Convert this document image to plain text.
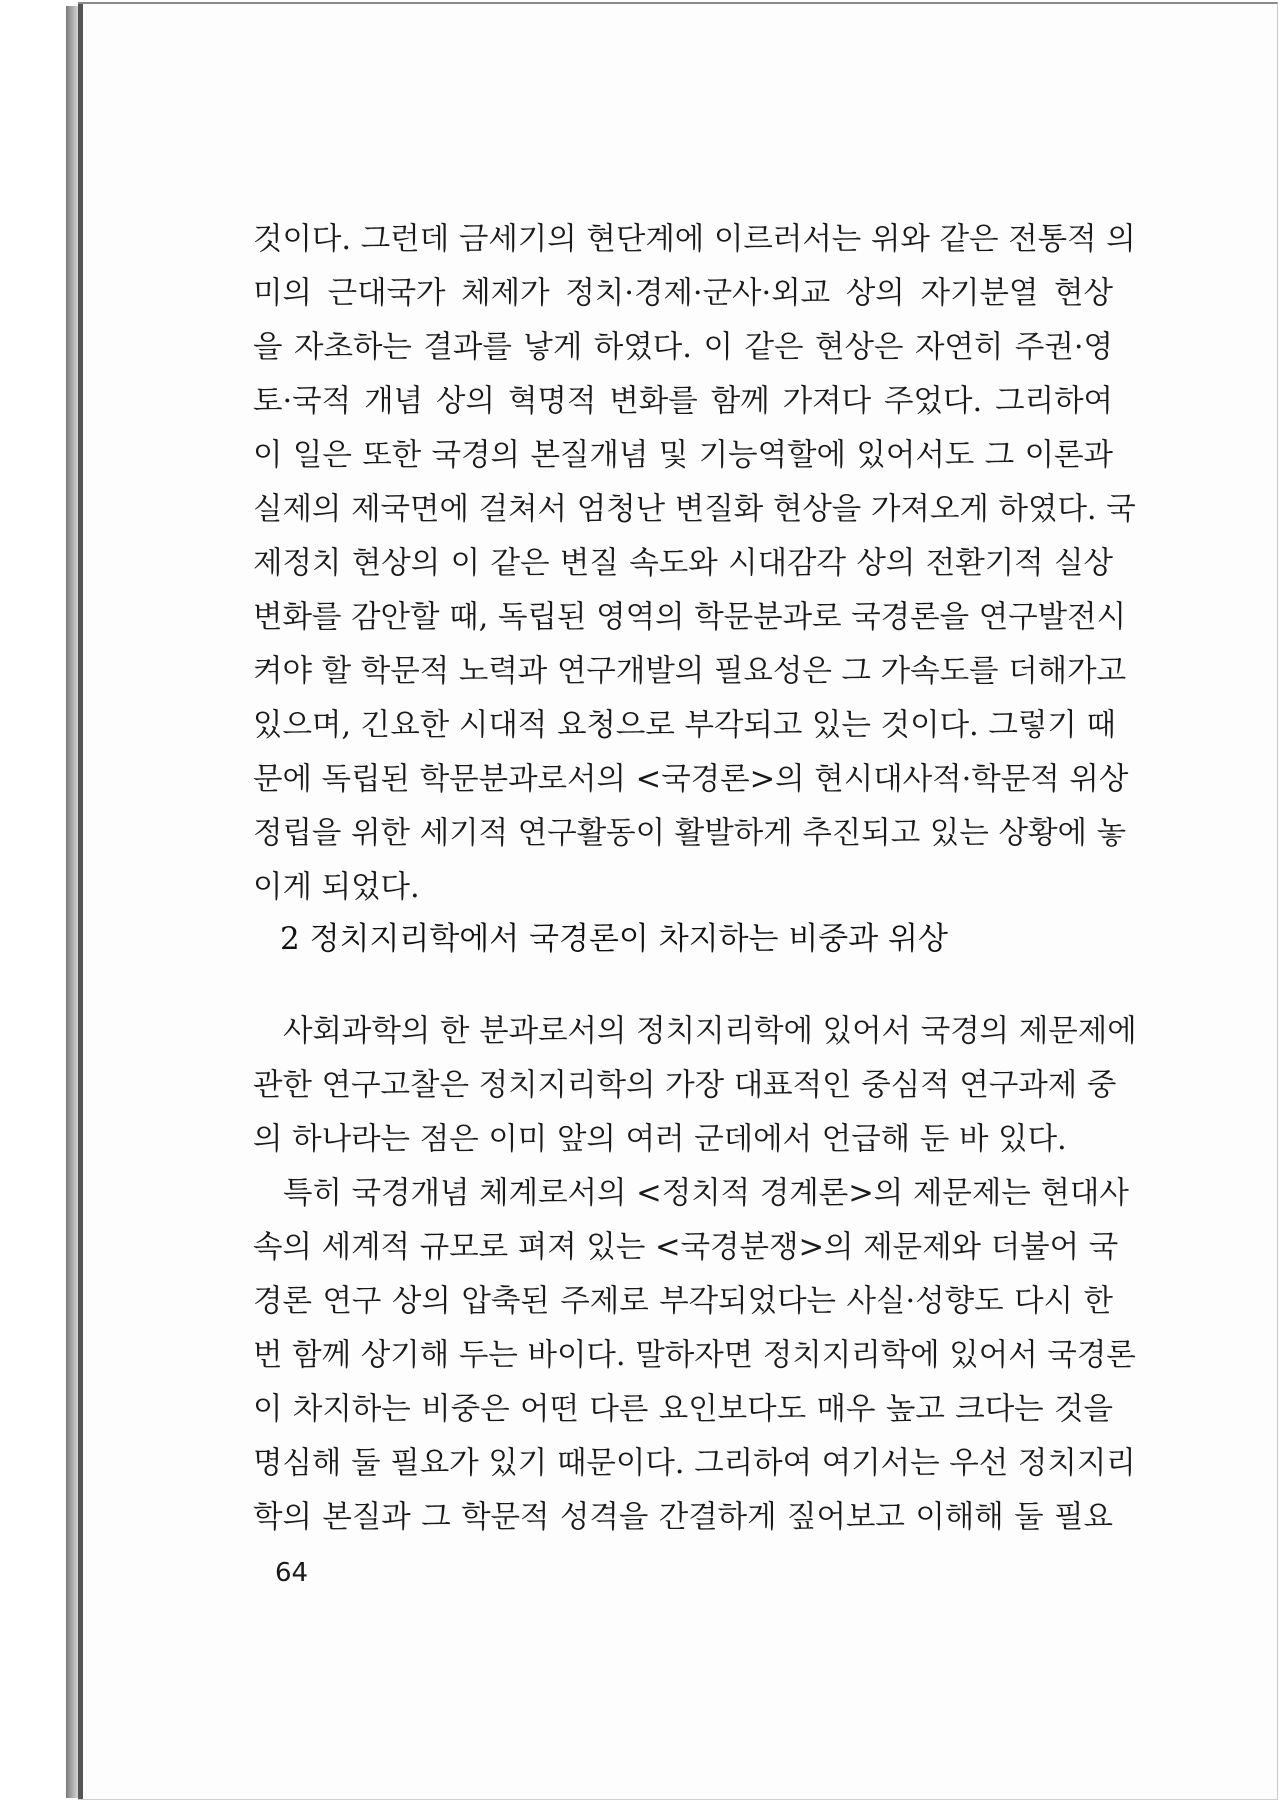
것이다. 그런데 금세기의 현단계에 이르러서는 위와 같은 전통적 의
미의 근대국가 체제가 정치·경제·군사·외교 상의 자기분열 현상
을 자초하는 결과를 낳게 하였다. 이 같은 현상은 자연히 주권·영
토·국적 개념 상의 혁명적 변화를 함께 가져다 주었다. 그리하여
이 일은 또한 국경의 본질개념 및 기능역할에 있어서도 그 이론과
실제의 제국면에 걸쳐서 엄청난 변질화 현상을 가져오게 하였다. 국
제정치 현상의 이 같은 변질 속도와 시대감각 상의 전환기적 실상
변화를 감안할 때, 독립된 영역의 학문분과로 국경론을 연구발전시
켜야 할 학문적 노력과 연구개발의 필요성은 그 가속도를 더해가고
있으며, 긴요한 시대적 요청으로 부각되고 있는 것이다. 그렇기 때
문에 독립된 학문분과로서의 <국경론>의 현시대사적·학문적 위상
정립을 위한 세기적 연구활동이 활발하게 추진되고 있는 상황에 놓
이게 되었다.
2 정치지리학에서 국경론이 차지하는 비중과 위상
사회과학의 한 분과로서의 정치지리학에 있어서 국경의 제문제에
관한 연구고찰은 정치지리학의 가장 대표적인 중심적 연구과제 중
의 하나라는 점은 이미 앞의 여러 군데에서 언급해 둔 바 있다.
특히 국경개념 체계로서의 <정치적 경계론>의 제문제는 현대사
속의 세계적 규모로 펴져 있는 <국경분쟁>의 제문제와 더불어 국
경론 연구 상의 압축된 주제로 부각되었다는 사실·성향도 다시 한
번 함께 상기해 두는 바이다. 말하자면 정치지리학에 있어서 국경론
이 차지하는 비중은 어떤 다른 요인보다도 매우 높고 크다는 것을
명심해 둘 필요가 있기 때문이다. 그리하여 여기서는 우선 정치지리
학의 본질과 그 학문적 성격을 간결하게 짚어보고 이해해 둘 필요
64
